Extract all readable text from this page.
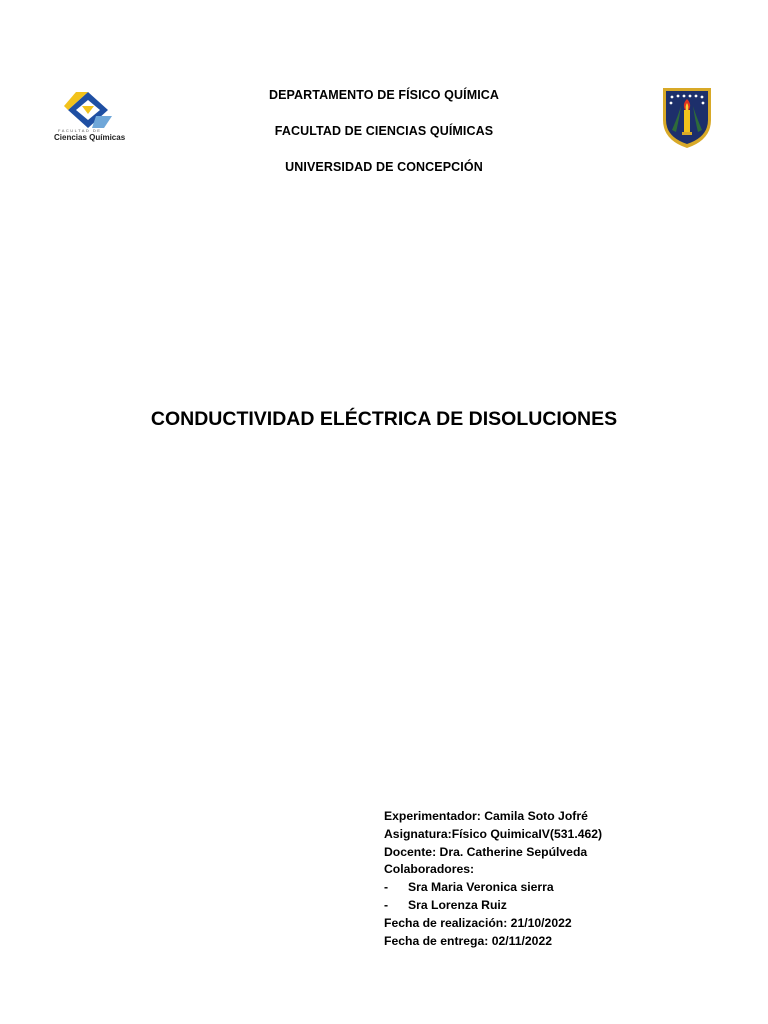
FACULTAD DE
Ciencias Químicas
DEPARTAMENTO DE FÍSICO QUÍMICA
FACULTAD DE CIENCIAS QUÍMICAS
UNIVERSIDAD DE CONCEPCIÓN
CONDUCTIVIDAD ELÉCTRICA DE DISOLUCIONES
Experimentador: Camila Soto Jofré
Asignatura:Físico QuimicaIV(531.462)
Docente: Dra. Catherine Sepúlveda
Colaboradores:
- Sra Maria Veronica sierra
- Sra Lorenza Ruiz
Fecha de realización: 21/10/2022
Fecha de entrega: 02/11/2022
